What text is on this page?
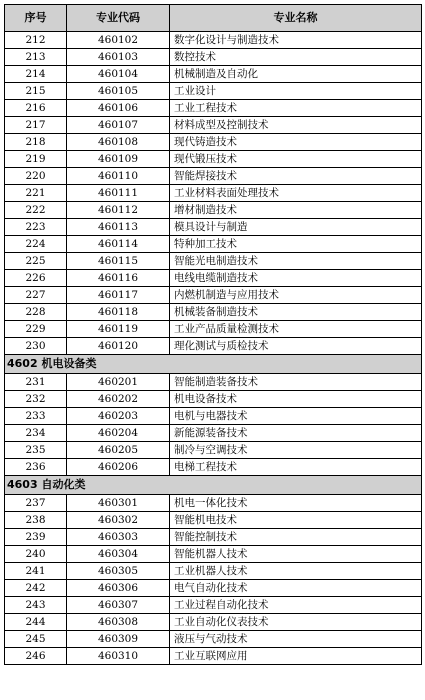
序号	专业代码	专业名称
212	460102	数字化设计与制造技术
213	460103	数控技术
214	460104	机械制造及自动化
215	460105	工业设计
216	460106	工业工程技术
217	460107	材料成型及控制技术
218	460108	现代铸造技术
219	460109	现代锻压技术
220	460110	智能焊接技术
221	460111	工业材料表面处理技术
222	460112	增材制造技术
223	460113	模具设计与制造
224	460114	特种加工技术
225	460115	智能光电制造技术
226	460116	电线电缆制造技术
227	460117	内燃机制造与应用技术
228	460118	机械装备制造技术
229	460119	工业产品质量检测技术
230	460120	理化测试与质检技术
4602 机电设备类		
231	460201	智能制造装备技术
232	460202	机电设备技术
233	460203	电机与电器技术
234	460204	新能源装备技术
235	460205	制冷与空调技术
236	460206	电梯工程技术
4603 自动化类		
237	460301	机电一体化技术
238	460302	智能机电技术
239	460303	智能控制技术
240	460304	智能机器人技术
241	460305	工业机器人技术
242	460306	电气自动化技术
243	460307	工业过程自动化技术
244	460308	工业自动化仪表技术
245	460309	液压与气动技术
246	460310	工业互联网应用
